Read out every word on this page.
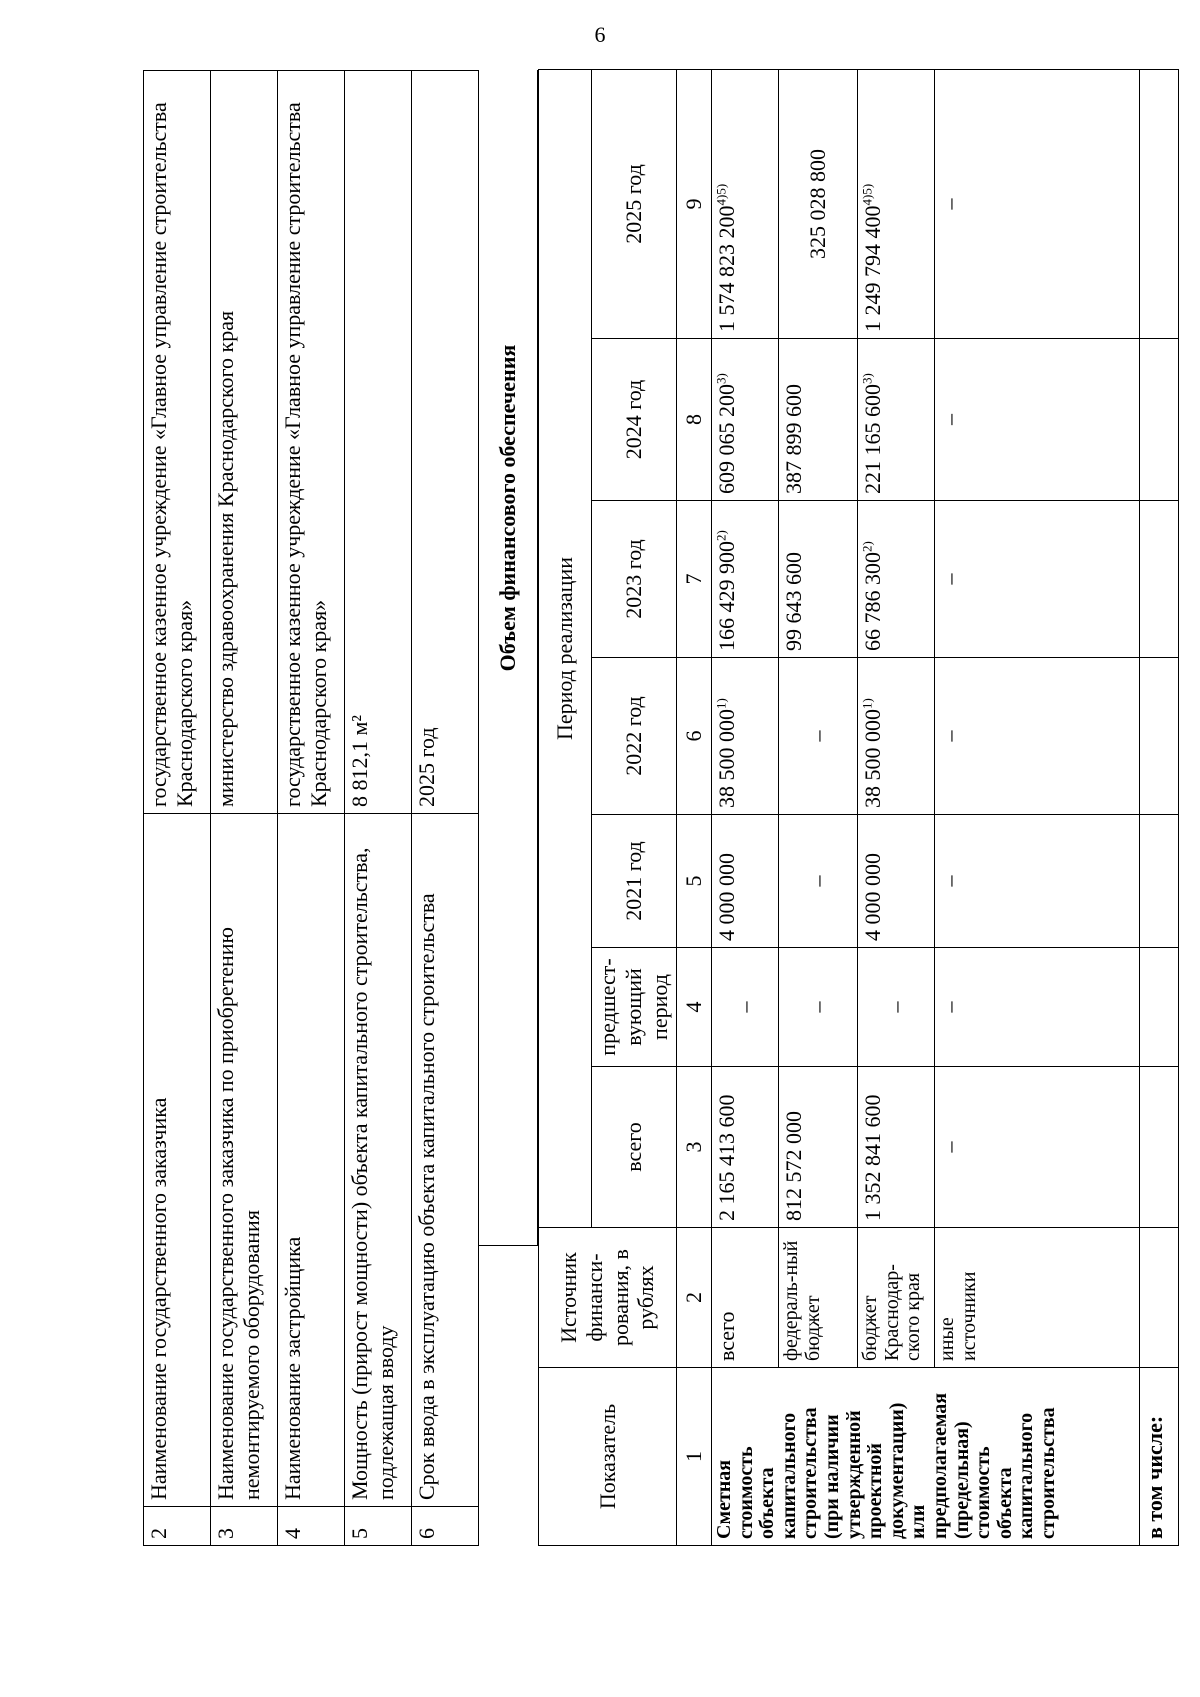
6
2	Наименование государственного заказчика	государственное казенное учреждение «Главное управление строительства Краснодарского края»
3	Наименование государственного заказчика по приобретению немонтируемого оборудования	министерство здравоохранения Краснодарского края
4	Наименование застройщика	государственное казенное учреждение «Главное управление строительства Краснодарского края»
5	Мощность (прирост мощности) объекта капитального строительства, подлежащая вводу	8 812,1 м²
6	Срок ввода в эксплуатацию объекта капитального строительства	2025 год
Объем финансового обеспечения
Показатель	Источник финанси-рования, в рублях	Период реализации						
		всего	предшест-вующий период	2021 год	2022 год	2023 год	2024 год	2025 год
1	2	3	4	5	6	7	8	9
Сметная стоимость объекта капитального строительства (при наличии утвержденной проектной документации) или предполагаемая (предельная) стоимость объекта капитального строительства	всего	2 165 413 600	–	4 000 000	38 500 000$^{1)}$	166 429 900$^{2)}$	609 065 200$^{3)}$	1 574 823 $200^{4)5)}$
	федераль-ный бюджет	812 572 000	–	–	–	99 643 600	387 899 600	325 028 800
	бюджет Краснодар-ского края	1 352 841 600	–	4 000 000	38 500 000$^{1)}$	66 786 300$^{2)}$	221 165 600$^{3)}$	1 249 794 $400^{4)5)}$
	иные источники	–	–	–	–	–	–	–
в том числе:								
